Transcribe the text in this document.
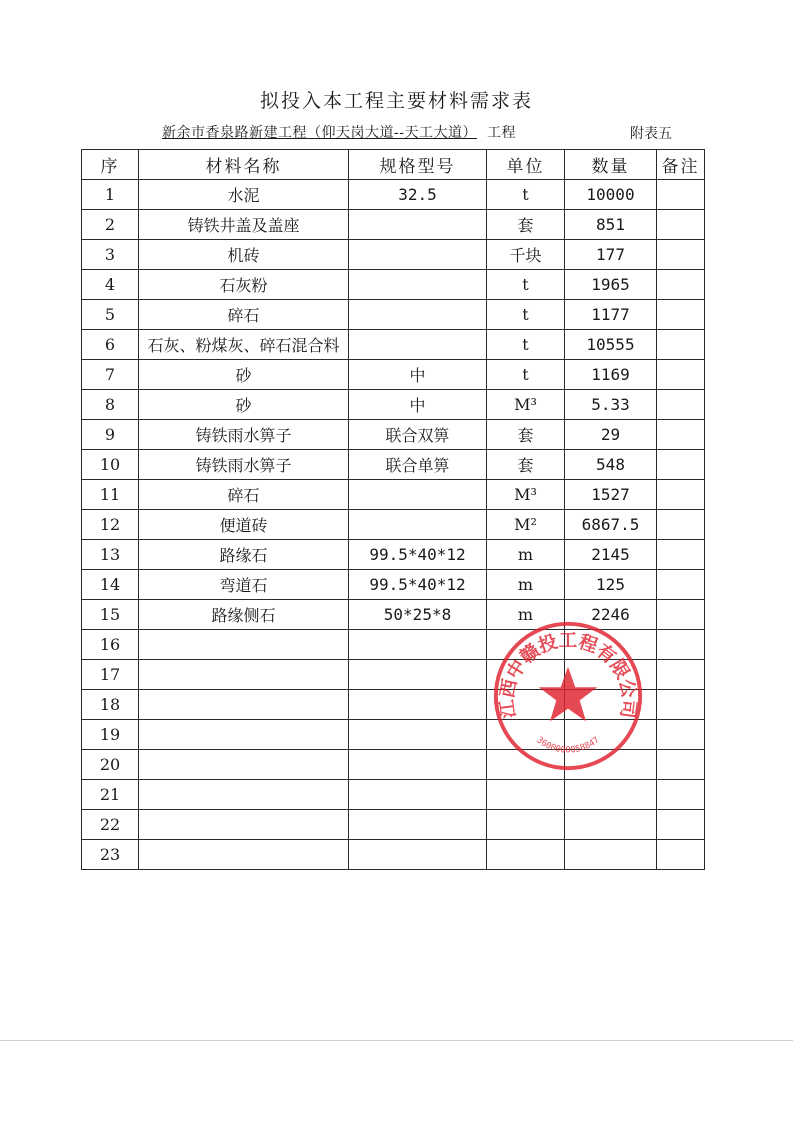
拟投入本工程主要材料需求表
新余市香泉路新建工程（仰天岗大道--天工大道） 工程	附表五
序	材料名称	规格型号	单位	数量	备注
1	水泥	32.5	t	10000	
2	铸铁井盖及盖座		套	851	
3	机砖		千块	177	
4	石灰粉		t	1965	
5	碎石		t	1177	
6	石灰、粉煤灰、碎石混合料		t	10555	
7	砂	中	t	1169	
8	砂	中	M³	5.33	
9	铸铁雨水箅子	联合双箅	套	29	
10	铸铁雨水箅子	联合单箅	套	548	
11	碎石		M³	1527	
12	便道砖		M²	6867.5	
13	路缘石	99.5*40*12	m	2145	
14	弯道石	99.5*40*12	m	125	
15	路缘侧石	50*25*8	m	2246	
16					
17					
18					
19					
20					
21					
22					
23					
江西中赣投工程有限公司
3600000058847
